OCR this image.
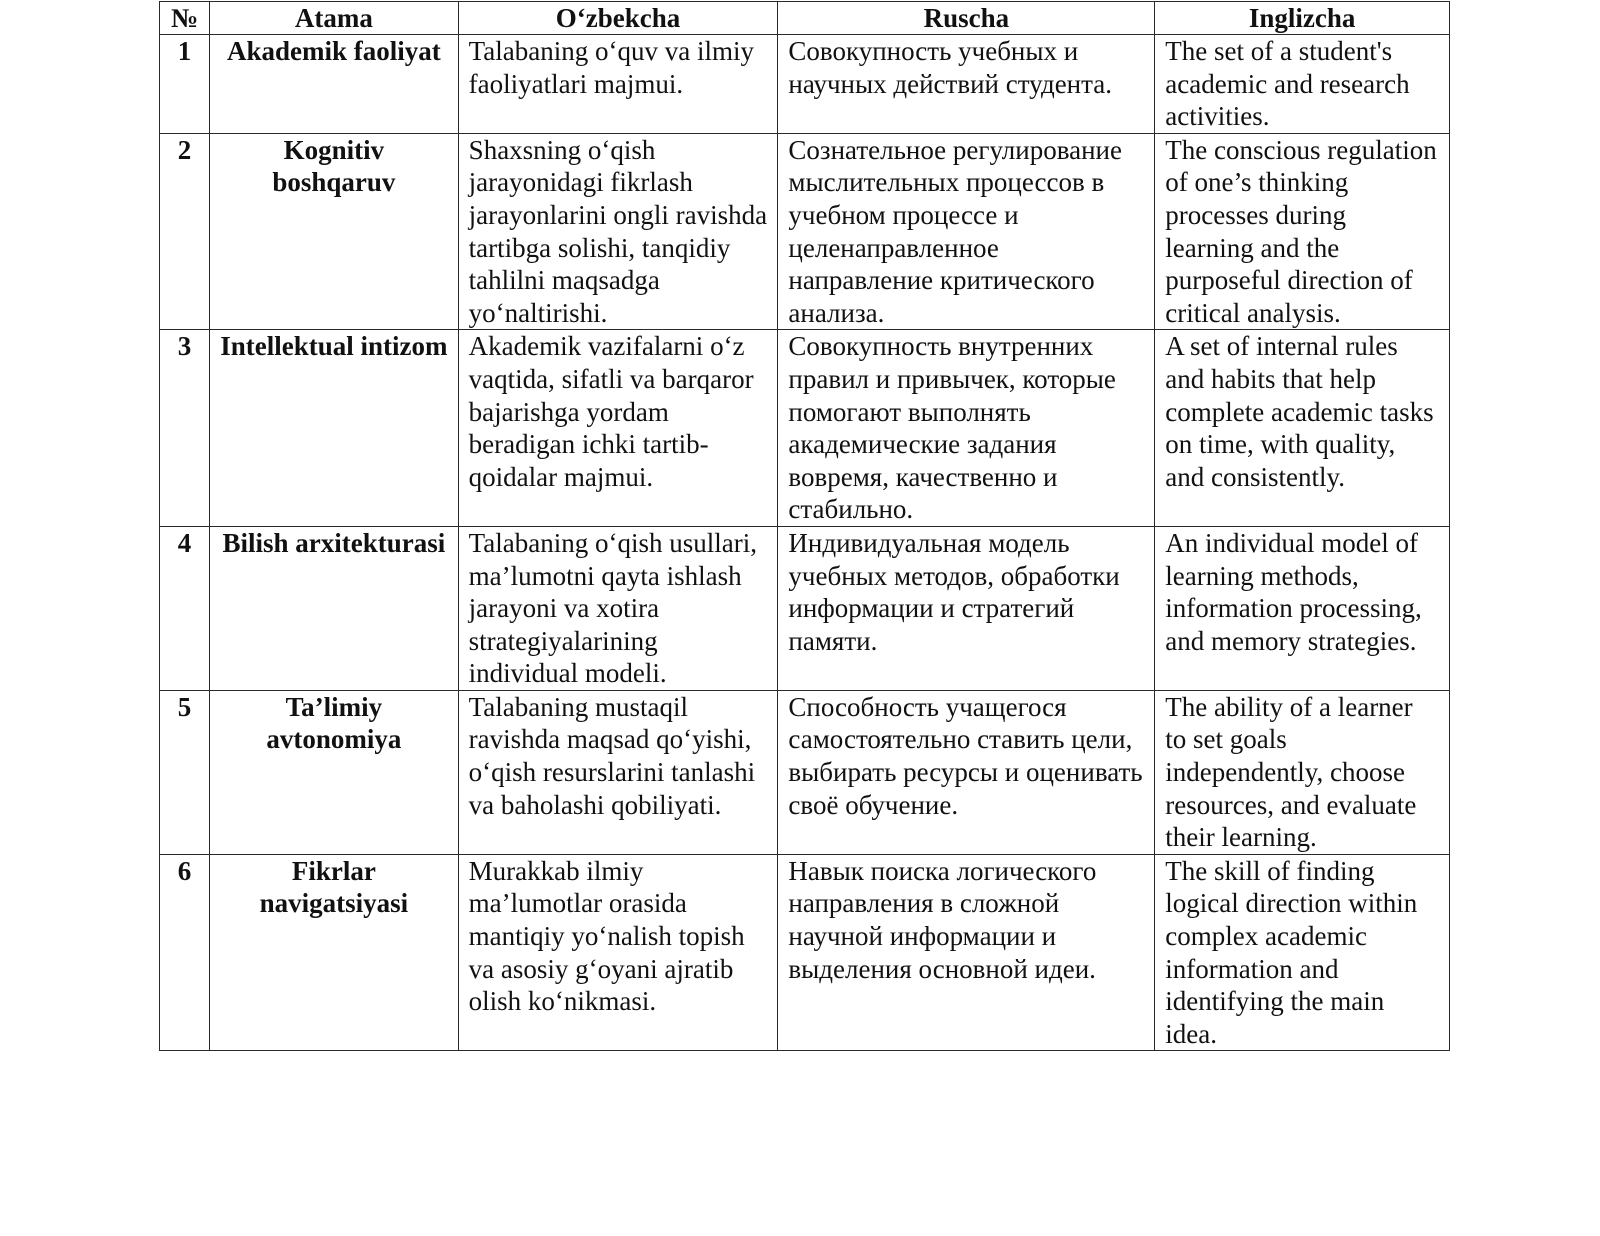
№	Atama	O‘zbekcha	Ruscha	Inglizcha
1	Akademik faoliyat	Talabaning o‘quv va ilmiy faoliyatlari majmui.	Совокупность учебных и научных действий студента.	The set of a student's academic and research activities.
2	Kognitiv boshqaruv	Shaxsning o‘qish jarayonidagi fikrlash jarayonlarini ongli ravishda tartibga solishi, tanqidiy tahlilni maqsadga yo‘naltirishi.	Сознательное регулирование мыслительных процессов в учебном процессе и целенаправленное направление критического анализа.	The conscious regulation of one’s thinking processes during learning and the purposeful direction of critical analysis.
3	Intellektual intizom	Akademik vazifalarni o‘z vaqtida, sifatli va barqaror bajarishga yordam beradigan ichki tartib-qoidalar majmui.	Совокупность внутренних правил и привычек, которые помогают выполнять академические задания вовремя, качественно и стабильно.	A set of internal rules and habits that help complete academic tasks on time, with quality, and consistently.
4	Bilish arxitekturasi	Talabaning o‘qish usullari, ma’lumotni qayta ishlash jarayoni va xotira strategiyalarining individual modeli.	Индивидуальная модель учебных методов, обработки информации и стратегий памяти.	An individual model of learning methods, information processing, and memory strategies.
5	Ta’limiy avtonomiya	Talabaning mustaqil ravishda maqsad qo‘yishi, o‘qish resurslarini tanlashi va baholashi qobiliyati.	Способность учащегося самостоятельно ставить цели, выбирать ресурсы и оценивать своё обучение.	The ability of a learner to set goals independently, choose resources, and evaluate their learning.
6	Fikrlar navigatsiyasi	Murakkab ilmiy ma’lumotlar orasida mantiqiy yo‘nalish topish va asosiy g‘oyani ajratib olish ko‘nikmasi.	Навык поиска логического направления в сложной научной информации и выделения основной идеи.	The skill of finding logical direction within complex academic information and identifying the main idea.
